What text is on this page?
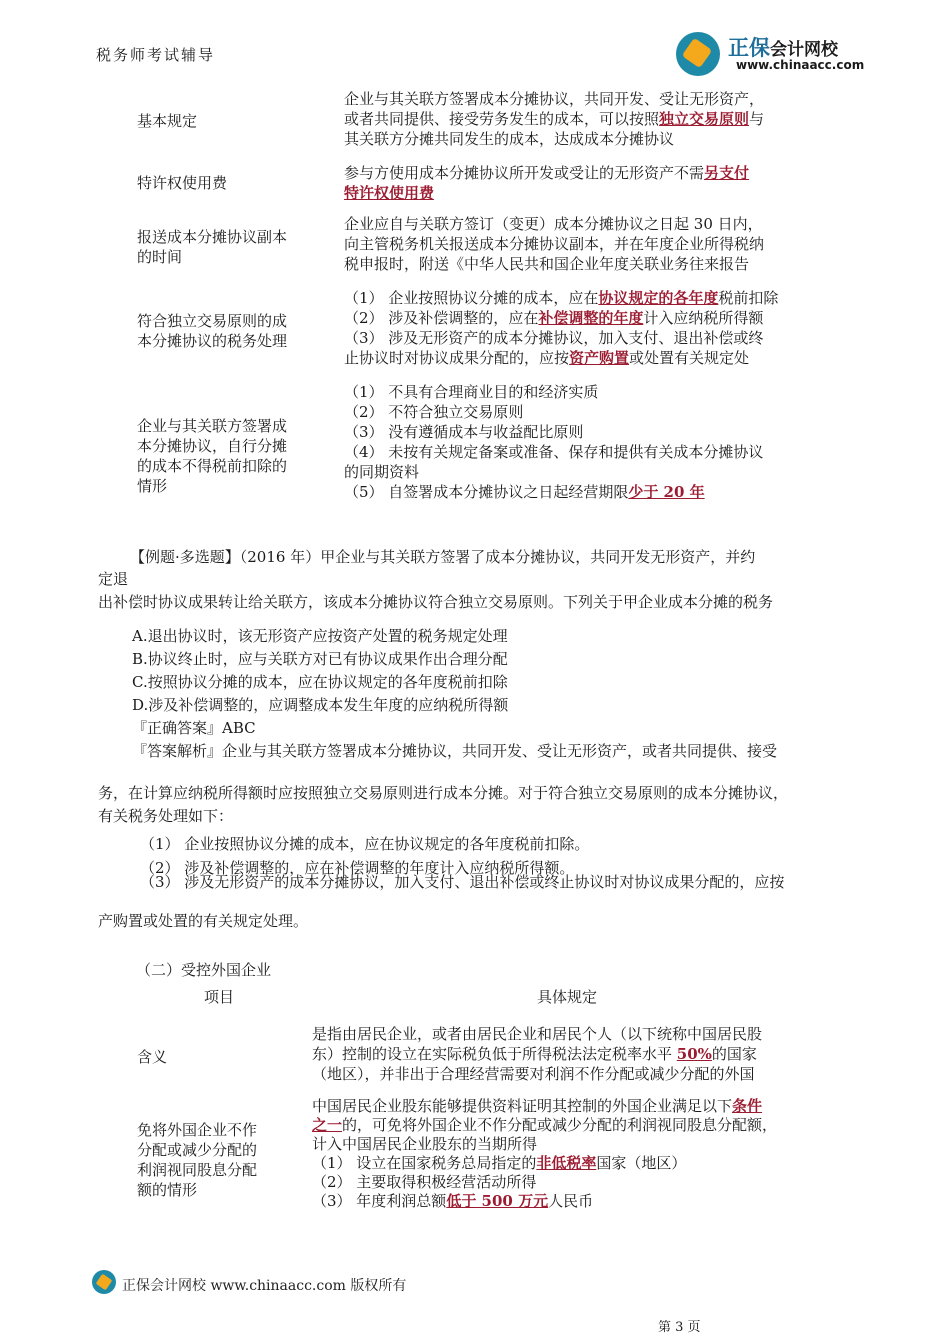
税务师考试辅导	正保会计网校
www.chinaacc.com
基本规定
企业与其关联方签署成本分摊协议，共同开发、受让无形资产，
或者共同提供、接受劳务发生的成本，可以按照独立交易原则与
其关联方分摊共同发生的成本，达成成本分摊协议
特许权使用费
参与方使用成本分摊协议所开发或受让的无形资产不需另支付
特许权使用费
报送成本分摊协议副本
的时间
企业应自与关联方签订（变更）成本分摊协议之日起 30 日内，
向主管税务机关报送成本分摊协议副本，并在年度企业所得税纳
税申报时，附送《中华人民共和国企业年度关联业务往来报告
符合独立交易原则的成
本分摊协议的税务处理
（1） 企业按照协议分摊的成本，应在协议规定的各年度税前扣除
（2） 涉及补偿调整的，应在补偿调整的年度计入应纳税所得额
（3） 涉及无形资产的成本分摊协议，加入支付、退出补偿或终
止协议时对协议成果分配的，应按资产购置或处置有关规定处
企业与其关联方签署成
本分摊协议，自行分摊
的成本不得税前扣除的
情形
（1） 不具有合理商业目的和经济实质
（2） 不符合独立交易原则
（3） 没有遵循成本与收益配比原则
（4） 未按有关规定备案或准备、保存和提供有关成本分摊协议
的同期资料
（5） 自签署成本分摊协议之日起经营期限少于 20 年
【例题·多选题】（2016 年）甲企业与其关联方签署了成本分摊协议，共同开发无形资产，并约
定退
出补偿时协议成果转让给关联方，该成本分摊协议符合独立交易原则。下列关于甲企业成本分摊的税务
A.退出协议时，该无形资产应按资产处置的税务规定处理
B.协议终止时，应与关联方对已有协议成果作出合理分配
C.按照协议分摊的成本，应在协议规定的各年度税前扣除
D.涉及补偿调整的，应调整成本发生年度的应纳税所得额
『正确答案』ABC
『答案解析』企业与其关联方签署成本分摊协议，共同开发、受让无形资产，或者共同提供、接受
务，在计算应纳税所得额时应按照独立交易原则进行成本分摊。对于符合独立交易原则的成本分摊协议，
有关税务处理如下：
（1） 企业按照协议分摊的成本，应在协议规定的各年度税前扣除。
（2） 涉及补偿调整的，应在补偿调整的年度计入应纳税所得额。
（3） 涉及无形资产的成本分摊协议，加入支付、退出补偿或终止协议时对协议成果分配的，应按
产购置或处置的有关规定处理。
（二）受控外国企业
项目	具体规定
含义
是指由居民企业，或者由居民企业和居民个人（以下统称中国居民股
东）控制的设立在实际税负低于所得税法法定税率水平 50%的国家
（地区），并非出于合理经营需要对利润不作分配或减少分配的外国
免将外国企业不作
分配或减少分配的
利润视同股息分配
额的情形
中国居民企业股东能够提供资料证明其控制的外国企业满足以下条件
之一的，可免将外国企业不作分配或减少分配的利润视同股息分配额，
计入中国居民企业股东的当期所得
（1） 设立在国家税务总局指定的非低税率国家（地区）
（2） 主要取得积极经营活动所得
（3） 年度利润总额低于 500 万元人民币
正保会计网校 www.chinaacc.com 版权所有
第 3 页
